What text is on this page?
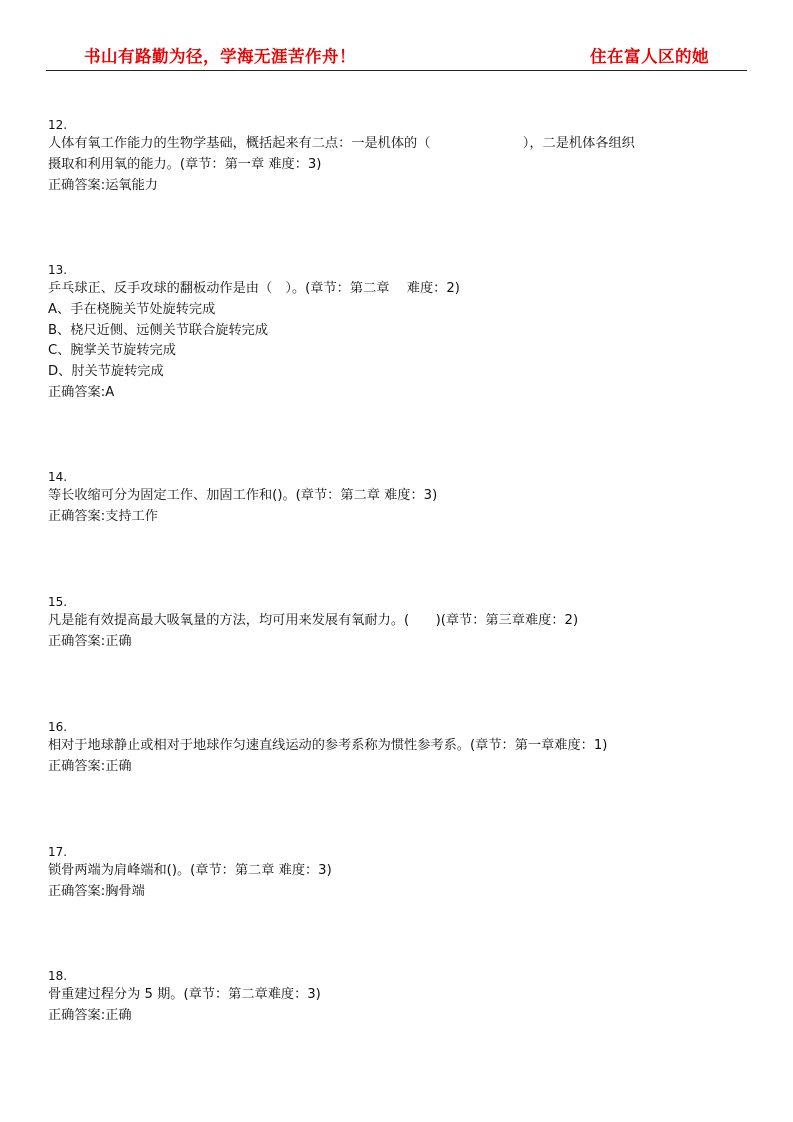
书山有路勤为径，学海无涯苦作舟！	住在富人区的她
12.
人体有氧工作能力的生物学基础，概括起来有二点：一是机体的（　　　　　　　），二是机体各组织
摄取和利用氧的能力。(章节：第一章 难度：3)
正确答案:运氧能力
13.
乒乓球正、反手攻球的翻板动作是由（　）。(章节：第二章　 难度：2)
A、手在桡腕关节处旋转完成
B、桡尺近侧、远侧关节联合旋转完成
C、腕掌关节旋转完成
D、肘关节旋转完成
正确答案:A
14.
等长收缩可分为固定工作、加固工作和()。(章节：第二章 难度：3)
正确答案:支持工作
15.
凡是能有效提高最大吸氧量的方法，均可用来发展有氧耐力。(　　)(章节：第三章难度：2)
正确答案:正确
16.
相对于地球静止或相对于地球作匀速直线运动的参考系称为惯性参考系。(章节：第一章难度：1)
正确答案:正确
17.
锁骨两端为肩峰端和()。(章节：第二章 难度：3)
正确答案:胸骨端
18.
骨重建过程分为 5 期。(章节：第二章难度：3)
正确答案:正确
